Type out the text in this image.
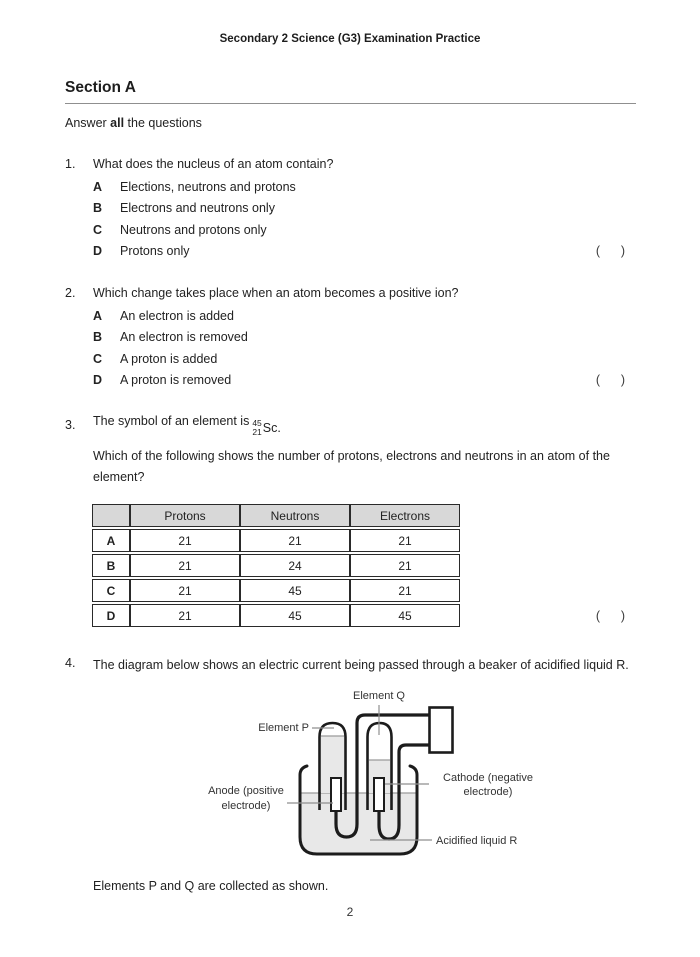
Secondary 2 Science (G3) Examination Practice
Section A

Answer all the questions

1.	What does the nucleus of an atom contain?
A	Elections, neutrons and protons
B	Electrons and neutrons only
C	Neutrons and protons only
D	Protons only	(      )
2.	Which change takes place when an atom becomes a positive ion?
A	An electron is added
B	An electron is removed
C	A proton is added
D	A proton is removed	(      )
3.	The symbol of an element is 45
21 Sc.

Which of the following shows the number of protons, electrons and neutrons in an atom of the element?

	Protons	Neutrons	Electrons
A	21	21	21
B	21	24	21
C	21	45	21
D	21	45	45	(      )
4.	The diagram below shows an electric current being passed through a beaker of acidified liquid R.
Element Q
Element P
Cathode (negative
electrode)
Anode (positive
electrode)
Acidified liquid R

Elements P and Q are collected as shown.

2
